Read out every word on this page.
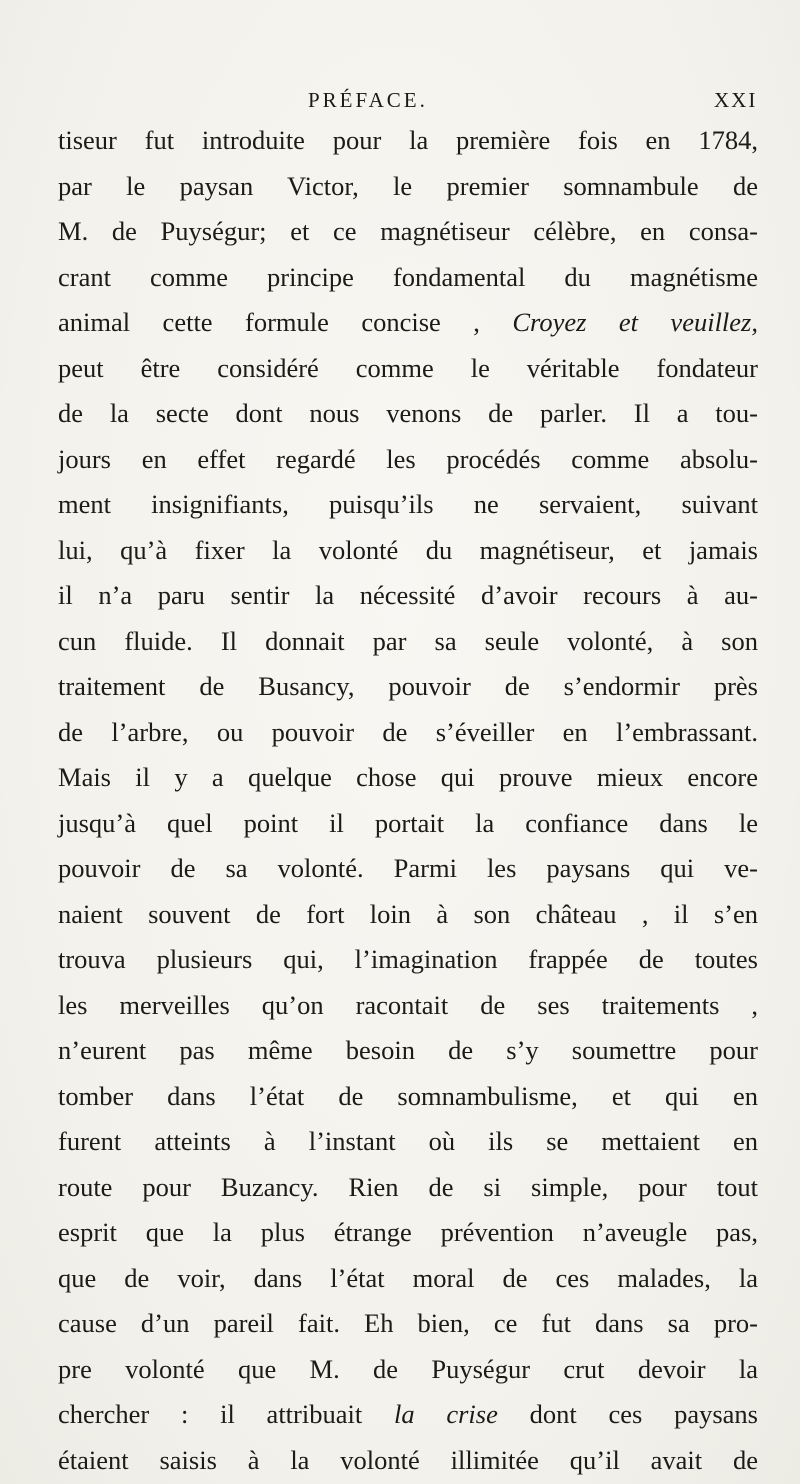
PRÉFACE.	XXI
tiseur fut introduite pour la première fois en 1784,
par le paysan Victor, le premier somnambule de
M. de Puységur; et ce magnétiseur célèbre, en consa-
crant comme principe fondamental du magnétisme
animal cette formule concise , Croyez et veuillez,
peut être considéré comme le véritable fondateur
de la secte dont nous venons de parler. Il a tou-
jours en effet regardé les procédés comme absolu-
ment insignifiants, puisqu’ils ne servaient, suivant
lui, qu’à fixer la volonté du magnétiseur, et jamais
il n’a paru sentir la nécessité d’avoir recours à au-
cun fluide. Il donnait par sa seule volonté, à son
traitement de Busancy, pouvoir de s’endormir près
de l’arbre, ou pouvoir de s’éveiller en l’embrassant.
Mais il y a quelque chose qui prouve mieux encore
jusqu’à quel point il portait la confiance dans le
pouvoir de sa volonté. Parmi les paysans qui ve-
naient souvent de fort loin à son château , il s’en
trouva plusieurs qui, l’imagination frappée de toutes
les merveilles qu’on racontait de ses traitements ,
n’eurent pas même besoin de s’y soumettre pour
tomber dans l’état de somnambulisme, et qui en
furent atteints à l’instant où ils se mettaient en
route pour Buzancy. Rien de si simple, pour tout
esprit que la plus étrange prévention n’aveugle pas,
que de voir, dans l’état moral de ces malades, la
cause d’un pareil fait. Eh bien, ce fut dans sa pro-
pre volonté que M. de Puységur crut devoir la
chercher : il attribuait la crise dont ces paysans
étaient saisis à la volonté illimitée qu’il avait de
